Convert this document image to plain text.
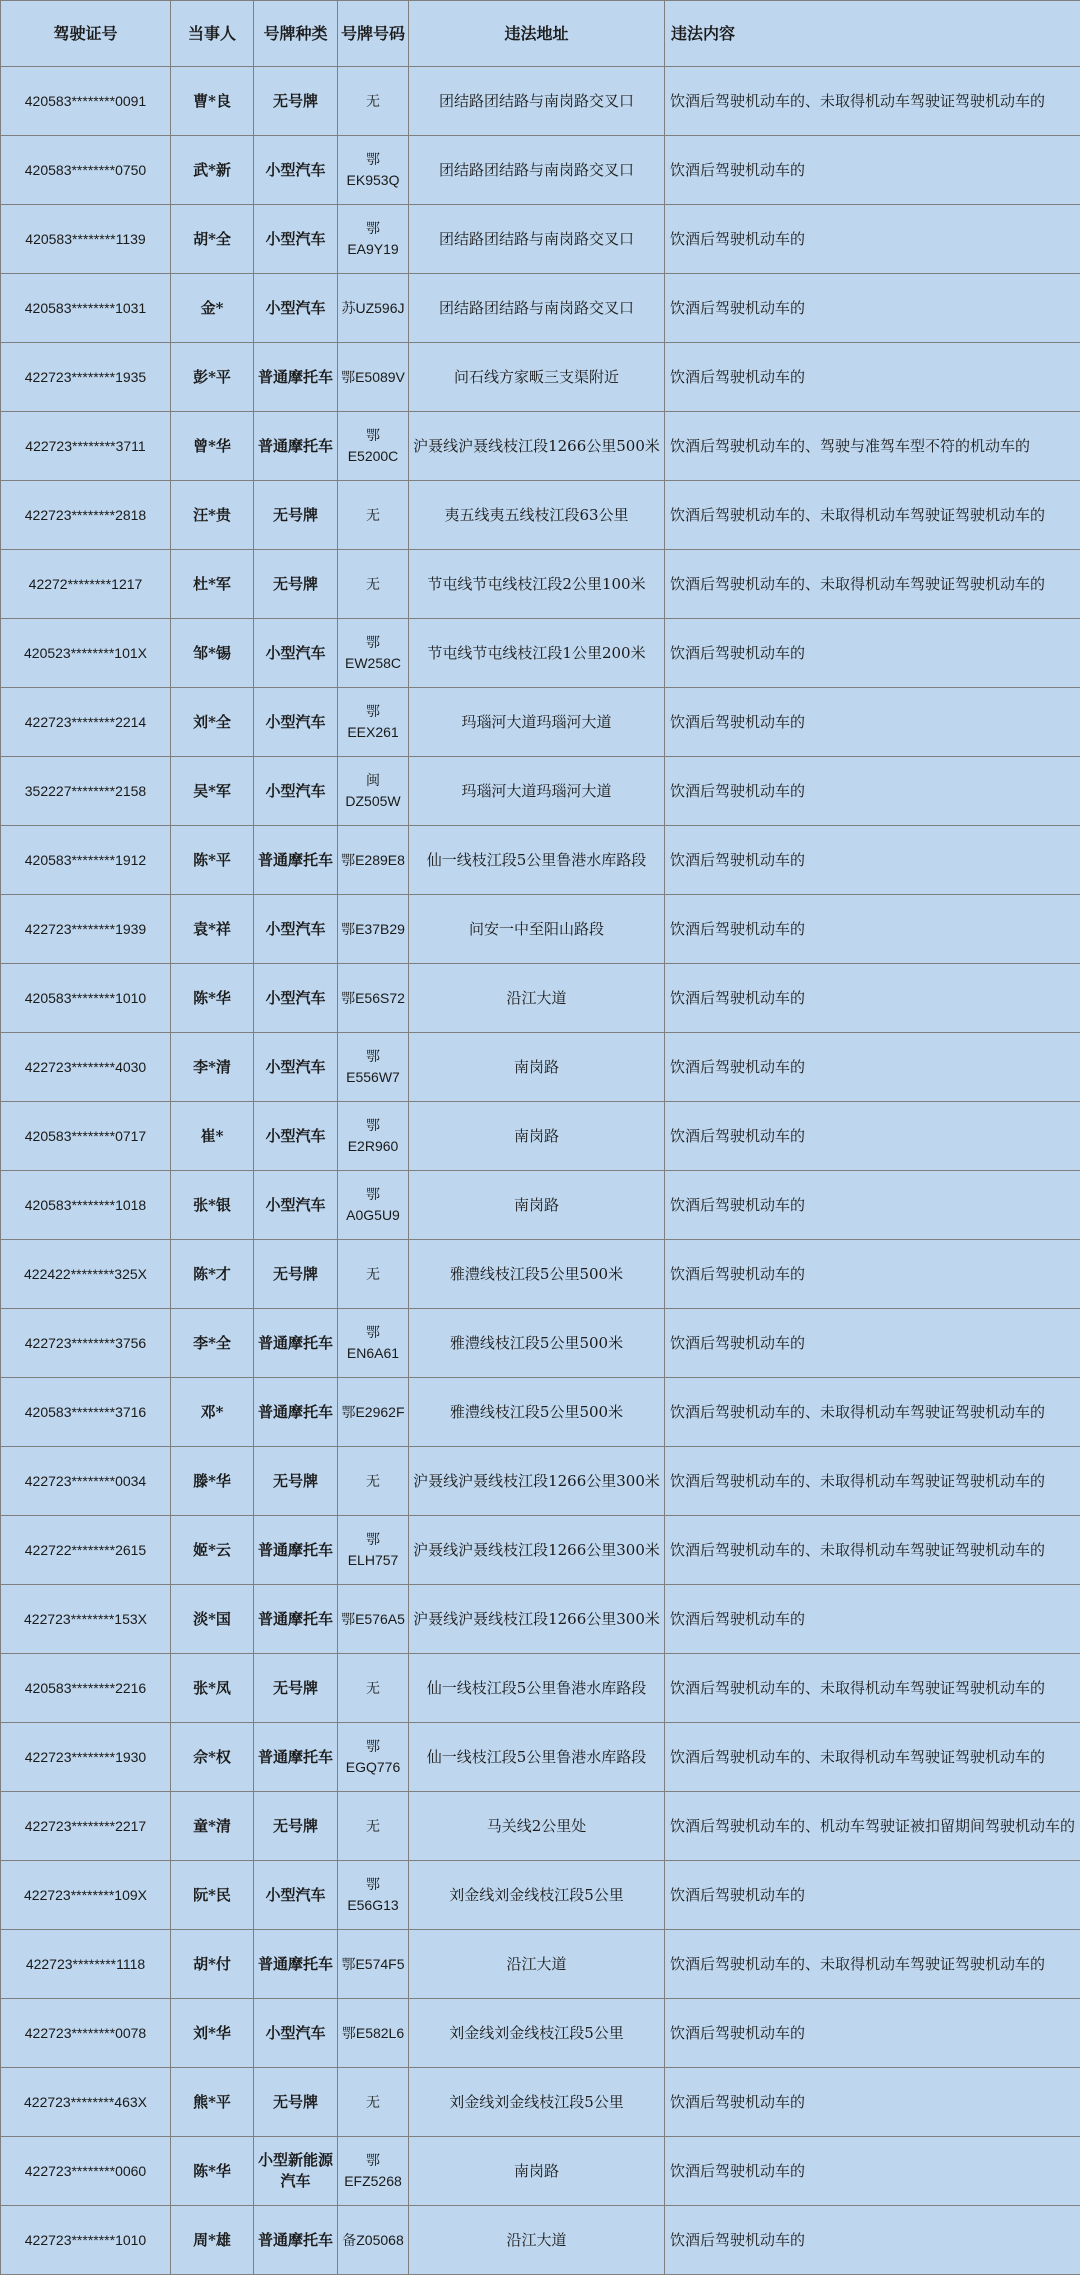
驾驶证号	当事人	号牌种类	号牌号码	违法地址	违法内容
420583********0091	曹*良	无号牌	无	团结路团结路与南岗路交叉口	饮酒后驾驶机动车的、未取得机动车驾驶证驾驶机动车的
420583********0750	武*新	小型汽车	鄂EK953Q	团结路团结路与南岗路交叉口	饮酒后驾驶机动车的
420583********1139	胡*全	小型汽车	鄂EA9Y19	团结路团结路与南岗路交叉口	饮酒后驾驶机动车的
420583********1031	金*	小型汽车	苏UZ596J	团结路团结路与南岗路交叉口	饮酒后驾驶机动车的
422723********1935	彭*平	普通摩托车	鄂E5089V	问石线方家畈三支渠附近	饮酒后驾驶机动车的
422723********3711	曾*华	普通摩托车	鄂E5200C	沪聂线沪聂线枝江段1266公里500米	饮酒后驾驶机动车的、驾驶与准驾车型不符的机动车的
422723********2818	汪*贵	无号牌	无	夷五线夷五线枝江段63公里	饮酒后驾驶机动车的、未取得机动车驾驶证驾驶机动车的
42272********1217	杜*军	无号牌	无	节屯线节屯线枝江段2公里100米	饮酒后驾驶机动车的、未取得机动车驾驶证驾驶机动车的
420523********101X	邹*锡	小型汽车	鄂EW258C	节屯线节屯线枝江段1公里200米	饮酒后驾驶机动车的
422723********2214	刘*全	小型汽车	鄂EEX261	玛瑙河大道玛瑙河大道	饮酒后驾驶机动车的
352227********2158	吴*军	小型汽车	闽DZ505W	玛瑙河大道玛瑙河大道	饮酒后驾驶机动车的
420583********1912	陈*平	普通摩托车	鄂E289E8	仙一线枝江段5公里鲁港水库路段	饮酒后驾驶机动车的
422723********1939	袁*祥	小型汽车	鄂E37B29	问安一中至阳山路段	饮酒后驾驶机动车的
420583********1010	陈*华	小型汽车	鄂E56S72	沿江大道	饮酒后驾驶机动车的
422723********4030	李*清	小型汽车	鄂E556W7	南岗路	饮酒后驾驶机动车的
420583********0717	崔*	小型汽车	鄂E2R960	南岗路	饮酒后驾驶机动车的
420583********1018	张*银	小型汽车	鄂A0G5U9	南岗路	饮酒后驾驶机动车的
422422********325X	陈*才	无号牌	无	雅澧线枝江段5公里500米	饮酒后驾驶机动车的
422723********3756	李*全	普通摩托车	鄂EN6A61	雅澧线枝江段5公里500米	饮酒后驾驶机动车的
420583********3716	邓*	普通摩托车	鄂E2962F	雅澧线枝江段5公里500米	饮酒后驾驶机动车的、未取得机动车驾驶证驾驶机动车的
422723********0034	滕*华	无号牌	无	沪聂线沪聂线枝江段1266公里300米	饮酒后驾驶机动车的、未取得机动车驾驶证驾驶机动车的
422722********2615	姬*云	普通摩托车	鄂ELH757	沪聂线沪聂线枝江段1266公里300米	饮酒后驾驶机动车的、未取得机动车驾驶证驾驶机动车的
422723********153X	淡*国	普通摩托车	鄂E576A5	沪聂线沪聂线枝江段1266公里300米	饮酒后驾驶机动车的
420583********2216	张*凤	无号牌	无	仙一线枝江段5公里鲁港水库路段	饮酒后驾驶机动车的、未取得机动车驾驶证驾驶机动车的
422723********1930	佘*权	普通摩托车	鄂EGQ776	仙一线枝江段5公里鲁港水库路段	饮酒后驾驶机动车的、未取得机动车驾驶证驾驶机动车的
422723********2217	童*清	无号牌	无	马关线2公里处	饮酒后驾驶机动车的、机动车驾驶证被扣留期间驾驶机动车的
422723********109X	阮*民	小型汽车	鄂E56G13	刘金线刘金线枝江段5公里	饮酒后驾驶机动车的
422723********1118	胡*付	普通摩托车	鄂E574F5	沿江大道	饮酒后驾驶机动车的、未取得机动车驾驶证驾驶机动车的
422723********0078	刘*华	小型汽车	鄂E582L6	刘金线刘金线枝江段5公里	饮酒后驾驶机动车的
422723********463X	熊*平	无号牌	无	刘金线刘金线枝江段5公里	饮酒后驾驶机动车的
422723********0060	陈*华	小型新能源汽车	鄂EFZ5268	南岗路	饮酒后驾驶机动车的
422723********1010	周*雄	普通摩托车	备Z05068	沿江大道	饮酒后驾驶机动车的
